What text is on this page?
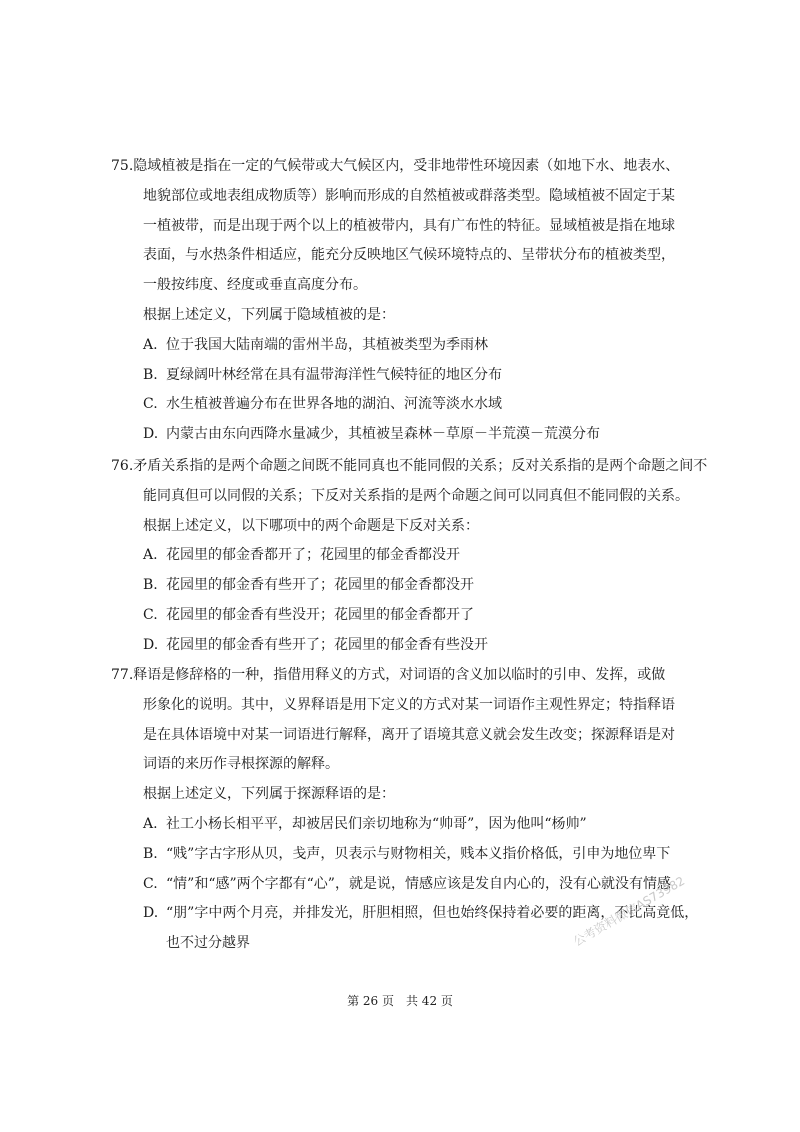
75.隐域植被是指在一定的气候带或大气候区内，受非地带性环境因素（如地下水、地表水、
地貌部位或地表组成物质等）影响而形成的自然植被或群落类型。隐域植被不固定于某
一植被带，而是出现于两个以上的植被带内，具有广布性的特征。显域植被是指在地球
表面，与水热条件相适应，能充分反映地区气候环境特点的、呈带状分布的植被类型，
一般按纬度、经度或垂直高度分布。
根据上述定义，下列属于隐域植被的是：
A. 位于我国大陆南端的雷州半岛，其植被类型为季雨林
B. 夏绿阔叶林经常在具有温带海洋性气候特征的地区分布
C. 水生植被普遍分布在世界各地的湖泊、河流等淡水水域
D. 内蒙古由东向西降水量减少，其植被呈森林－草原－半荒漠－荒漠分布
76.矛盾关系指的是两个命题之间既不能同真也不能同假的关系；反对关系指的是两个命题之间不
能同真但可以同假的关系；下反对关系指的是两个命题之间可以同真但不能同假的关系。
根据上述定义，以下哪项中的两个命题是下反对关系：
A. 花园里的郁金香都开了；花园里的郁金香都没开
B. 花园里的郁金香有些开了；花园里的郁金香都没开
C. 花园里的郁金香有些没开；花园里的郁金香都开了
D. 花园里的郁金香有些开了；花园里的郁金香有些没开
77.释语是修辞格的一种，指借用释义的方式，对词语的含义加以临时的引申、发挥，或做
形象化的说明。其中，义界释语是用下定义的方式对某一词语作主观性界定；特指释语
是在具体语境中对某一词语进行解释，离开了语境其意义就会发生改变；探源释语是对
词语的来历作寻根探源的解释。
根据上述定义，下列属于探源释语的是：
A. 社工小杨长相平平，却被居民们亲切地称为“帅哥”，因为他叫“杨帅”
B. “贱”字古字形从贝，戋声，贝表示与财物相关，贱本义指价格低，引申为地位卑下
C. “情”和“感”两个字都有“心”，就是说，情感应该是发自内心的，没有心就没有情感
D. “朋”字中两个月亮，并排发光，肝胆相照，但也始终保持着必要的距离，不比高竟低，也不过分越界	公考资料微信AS73982
第 26 页　共 42 页
